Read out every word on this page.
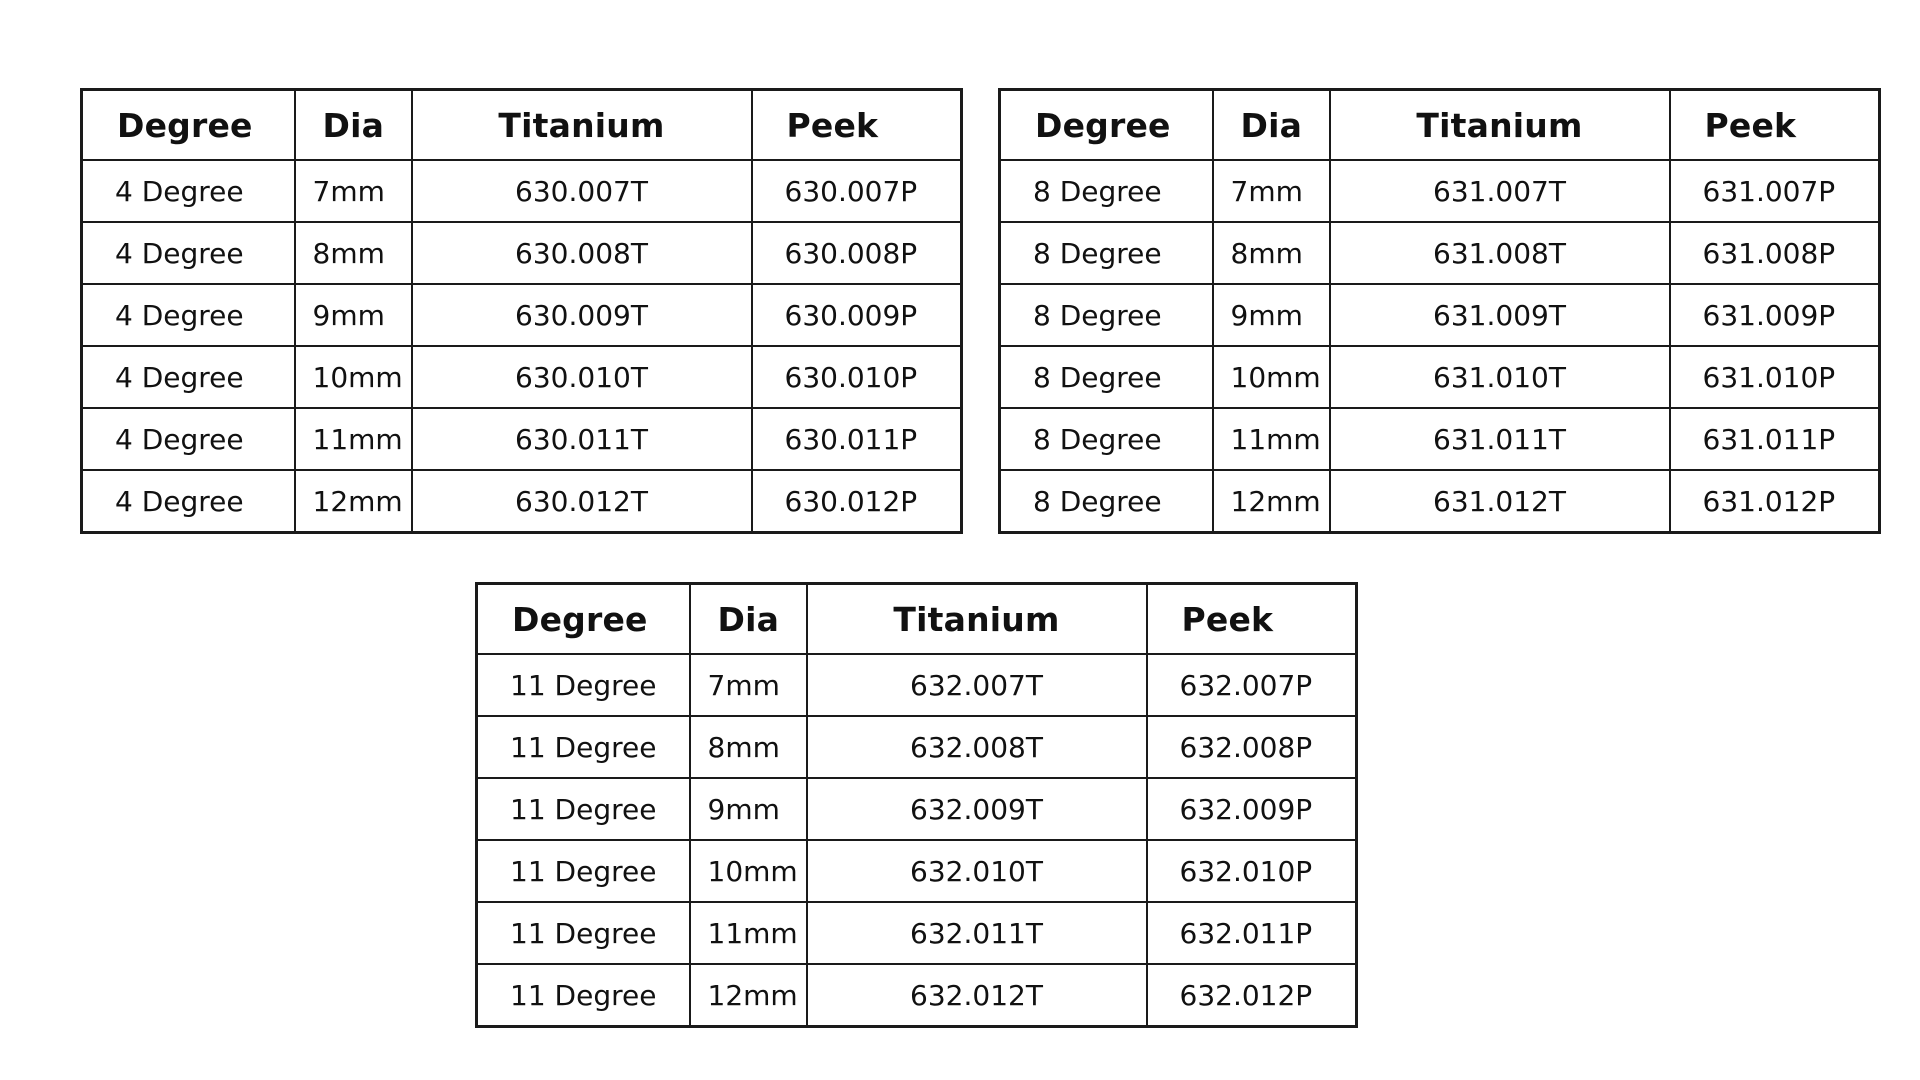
Degree	Dia	Titanium	Peek
4 Degree	7mm	630.007T	630.007P
4 Degree	8mm	630.008T	630.008P
4 Degree	9mm	630.009T	630.009P
4 Degree	10mm	630.010T	630.010P
4 Degree	11mm	630.011T	630.011P
4 Degree	12mm	630.012T	630.012P
Degree	Dia	Titanium	Peek
8 Degree	7mm	631.007T	631.007P
8 Degree	8mm	631.008T	631.008P
8 Degree	9mm	631.009T	631.009P
8 Degree	10mm	631.010T	631.010P
8 Degree	11mm	631.011T	631.011P
8 Degree	12mm	631.012T	631.012P
Degree	Dia	Titanium	Peek
11 Degree	7mm	632.007T	632.007P
11 Degree	8mm	632.008T	632.008P
11 Degree	9mm	632.009T	632.009P
11 Degree	10mm	632.010T	632.010P
11 Degree	11mm	632.011T	632.011P
11 Degree	12mm	632.012T	632.012P
